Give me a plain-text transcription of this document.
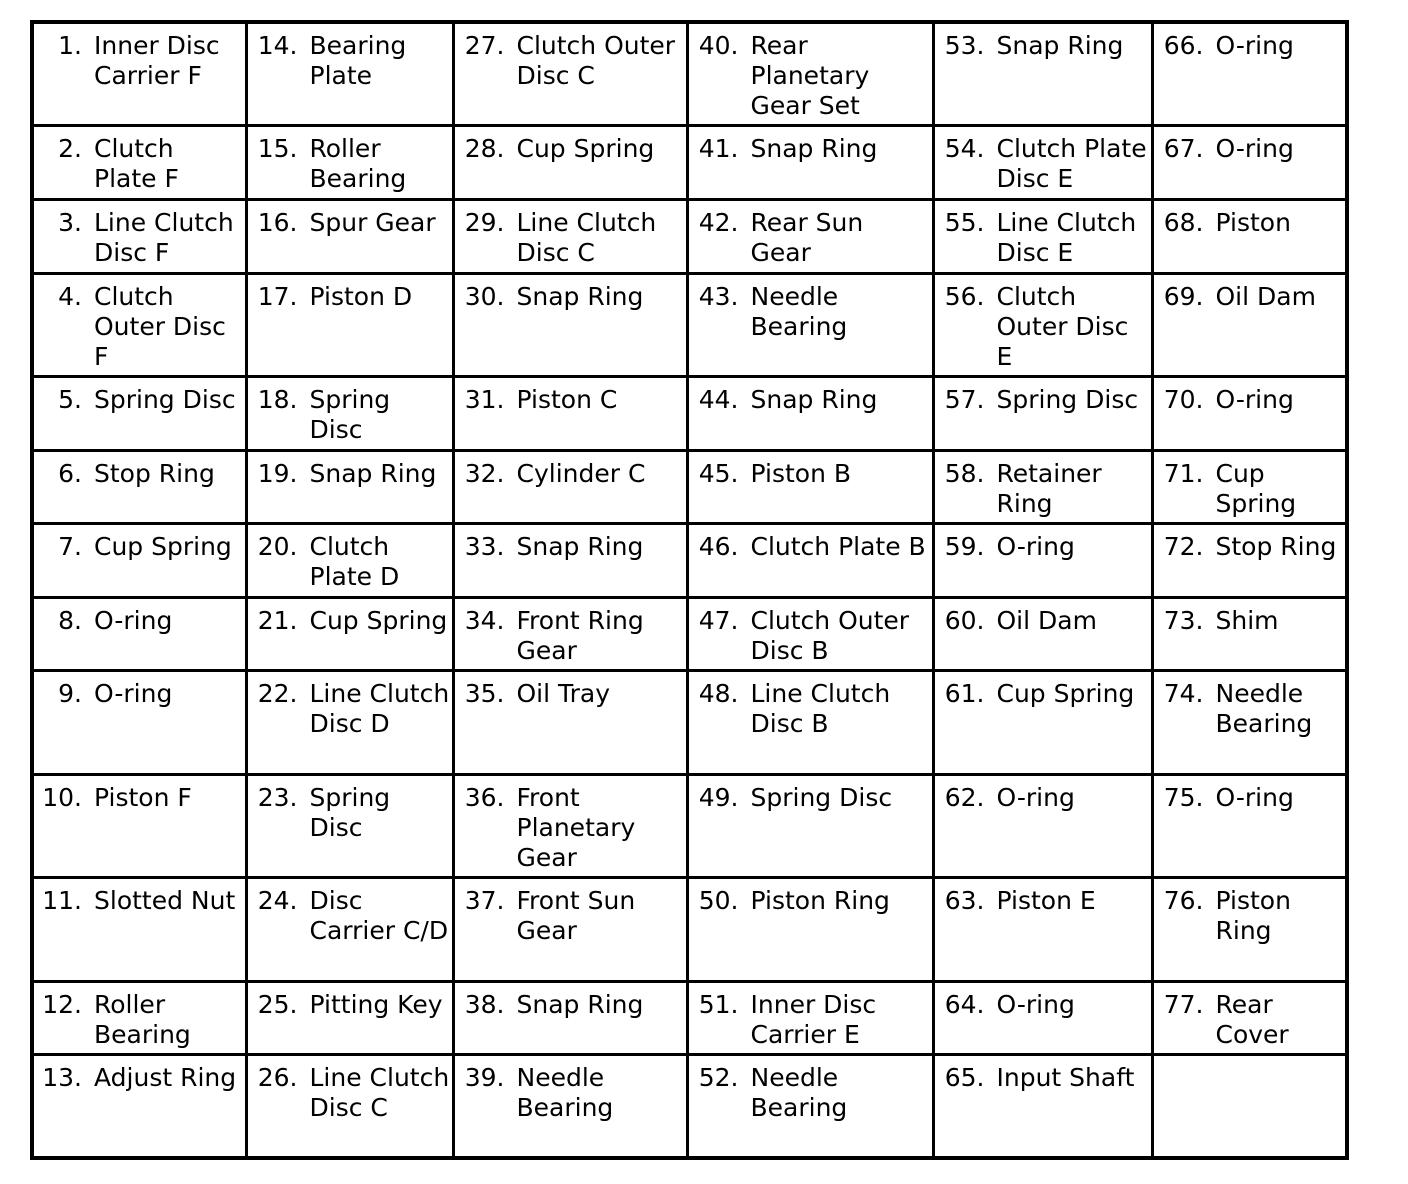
1. Inner Disc Carrier F	14. Bearing Plate	27. Clutch Outer Disc C	40. Rear Planetary Gear Set	53. Snap Ring	66. O-ring

2. Clutch Plate F	15. Roller Bearing	28. Cup Spring	41. Snap Ring	54. Clutch Plate Disc E	67. O-ring

3. Line Clutch Disc F	16. Spur Gear	29. Line Clutch Disc C	42. Rear Sun Gear	55. Line Clutch Disc E	68. Piston

4. Clutch Outer Disc F	17. Piston D	30. Snap Ring	43. Needle Bearing	56. Clutch Outer Disc E	69. Oil Dam

5. Spring Disc	18. Spring Disc	31. Piston C	44. Snap Ring	57. Spring Disc	70. O-ring

6. Stop Ring	19. Snap Ring	32. Cylinder C	45. Piston B	58. Retainer Ring	71. Cup Spring

7. Cup Spring	20. Clutch Plate D	33. Snap Ring	46. Clutch Plate B	59. O-ring	72. Stop Ring

8. O-ring	21. Cup Spring	34. Front Ring Gear	47. Clutch Outer Disc B	60. Oil Dam	73. Shim

9. O-ring	22. Line Clutch Disc D	35. Oil Tray	48. Line Clutch Disc B	61. Cup Spring	74. Needle Bearing

10. Piston F	23. Spring Disc	36. Front Planetary Gear	49. Spring Disc	62. O-ring	75. O-ring

11. Slotted Nut	24. Disc Carrier C/D	37. Front Sun Gear	50. Piston Ring	63. Piston E	76. Piston Ring

12. Roller Bearing	25. Pitting Key	38. Snap Ring	51. Inner Disc Carrier E	64. O-ring	77. Rear Cover

13. Adjust Ring	26. Line Clutch Disc C	39. Needle Bearing	52. Needle Bearing	65. Input Shaft	
